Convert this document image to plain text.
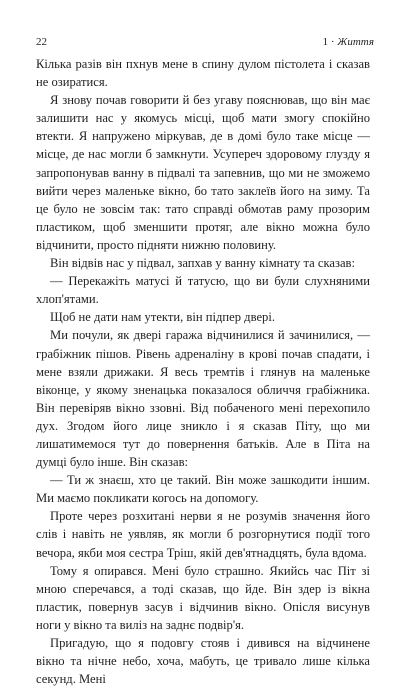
22	1 · Життя

Кілька разів він пхнув мене в спину дулом пістолета і сказав не озиратися.

Я знову почав говорити й без угаву пояснював, що він має залишити нас у якомусь місці, щоб мати змогу спокійно втекти. Я напружено міркував, де в домі було таке місце — місце, де нас могли б замкнути. Усупереч здоровому глузду я запропонував ванну в підвалі та запевнив, що ми не зможемо вийти через маленьке вікно, бо тато заклеїв його на зиму. Та це було не зовсім так: тато справді обмотав раму прозорим пластиком, щоб зменшити протяг, але вікно можна було відчинити, просто підняти нижню половину.

Він відвів нас у підвал, запхав у ванну кімнату та сказав:

— Перекажіть матусі й татусю, що ви були слухняними хлоп'ятами.

Щоб не дати нам утекти, він підпер двері.

Ми почули, як двері гаража відчинилися й зачинилися, — грабіжник пішов. Рівень адреналіну в крові почав спадати, і мене взяли дрижаки. Я весь тремтів і глянув на маленьке віконце, у якому зненацька показалося обличчя грабіжника. Він перевіряв вікно ззовні. Від побаченого мені перехопило дух. Згодом його лице зникло і я сказав Піту, що ми лишатимемося тут до повернення батьків. Але в Піта на думці було інше. Він сказав:

— Ти ж знаєш, хто це такий. Він може зашкодити іншим. Ми маємо покликати когось на допомогу.

Проте через розхитані нерви я не розумів значення його слів і навіть не уявляв, як могли б розгорнутися події того вечора, якби моя сестра Тріш, якій дев'ятнадцять, була вдома.

Тому я опирався. Мені було страшно. Якийсь час Піт зі мною сперечався, а тоді сказав, що йде. Він здер із вікна пластик, повернув засув і відчинив вікно. Опісля висунув ноги у вікно та виліз на заднє подвір'я.

Пригадую, що я подовгу стояв і дивився на відчинене вікно та нічне небо, хоча, мабуть, це тривало лише кілька секунд. Мені
